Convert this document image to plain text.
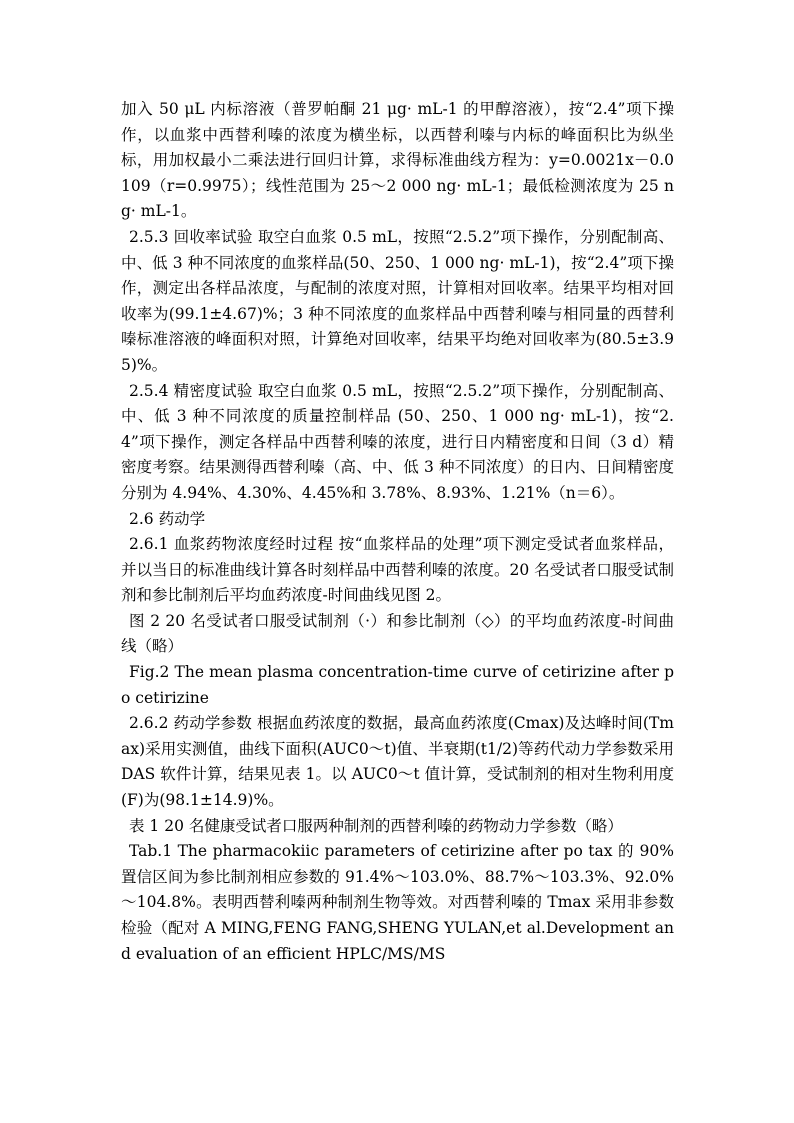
加入 50 μL 内标溶液（普罗帕酮 21 μg· mL-1 的甲醇溶液），按“2.4”项下操作，以血浆中西替利嗪的浓度为横坐标，以西替利嗪与内标的峰面积比为纵坐标，用加权最小二乘法进行回归计算，求得标准曲线方程为：y=0.0021x－0.0109（r=0.9975）；线性范围为 25～2 000 ng· mL-1；最低检测浓度为 25 ng· mL-1。

2.5.3 回收率试验 取空白血浆 0.5 mL，按照“2.5.2”项下操作，分别配制高、中、低 3 种不同浓度的血浆样品(50、250、1 000 ng· mL-1)，按“2.4”项下操作，测定出各样品浓度，与配制的浓度对照，计算相对回收率。结果平均相对回收率为(99.1±4.67)%；3 种不同浓度的血浆样品中西替利嗪与相同量的西替利嗪标准溶液的峰面积对照，计算绝对回收率，结果平均绝对回收率为(80.5±3.95)%。

2.5.4 精密度试验 取空白血浆 0.5 mL，按照“2.5.2”项下操作，分别配制高、中、低 3 种不同浓度的质量控制样品 (50、250、1 000 ng· mL-1)，按“2.4”项下操作，测定各样品中西替利嗪的浓度，进行日内精密度和日间（3 d）精密度考察。结果测得西替利嗪（高、中、低 3 种不同浓度）的日内、日间精密度分别为 4.94%、4.30%、4.45%和 3.78%、8.93%、1.21%（n＝6）。

2.6 药动学

2.6.1 血浆药物浓度经时过程 按“血浆样品的处理”项下测定受试者血浆样品，并以当日的标准曲线计算各时刻样品中西替利嗪的浓度。20 名受试者口服受试制剂和参比制剂后平均血药浓度-时间曲线见图 2。

图 2 20 名受试者口服受试制剂（·）和参比制剂（◇）的平均血药浓度-时间曲线（略）

Fig.2 The mean plasma concentration-time curve of cetirizine after po cetirizine

2.6.2 药动学参数 根据血药浓度的数据，最高血药浓度(Cmax)及达峰时间(Tmax)采用实测值，曲线下面积(AUC0～t)值、半衰期(t1/2)等药代动力学参数采用 DAS 软件计算，结果见表 1。以 AUC0～t 值计算，受试制剂的相对生物利用度(F)为(98.1±14.9)%。

表 1 20 名健康受试者口服两种制剂的西替利嗪的药物动力学参数（略）

Tab.1 The pharmacokiic parameters of cetirizine after po tax 的 90%置信区间为参比制剂相应参数的 91.4%～103.0%、88.7%～103.3%、92.0%～104.8%。表明西替利嗪两种制剂生物等效。对西替利嗪的 Tmax 采用非参数检验（配对 A MING,FENG FANG,SHENG YULAN,et al.Development and evaluation of an efficient HPLC/MS/MS
